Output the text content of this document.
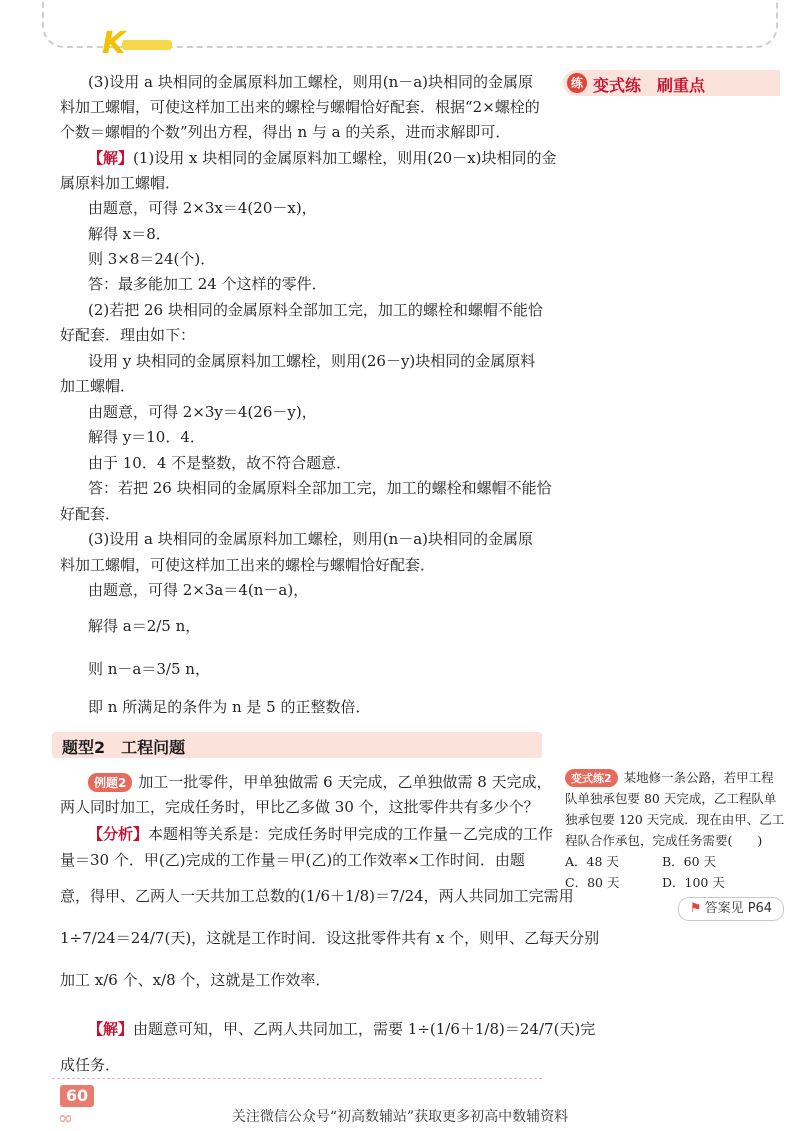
K
(3)设用 a 块相同的金属原料加工螺栓，则用(n－a)块相同的金属原
料加工螺帽，可使这样加工出来的螺栓与螺帽恰好配套．根据“2×螺栓的
个数＝螺帽的个数”列出方程，得出 n 与 a 的关系，进而求解即可．
【解】(1)设用 x 块相同的金属原料加工螺栓，则用(20－x)块相同的金
属原料加工螺帽．
由题意，可得 2×3x＝4(20－x)，
解得 x＝8．
则 3×8＝24(个)．
答：最多能加工 24 个这样的零件．
(2)若把 26 块相同的金属原料全部加工完，加工的螺栓和螺帽不能恰
好配套．理由如下：
设用 y 块相同的金属原料加工螺栓，则用(26－y)块相同的金属原料
加工螺帽．
由题意，可得 2×3y＝4(26－y)，
解得 y＝10．4．
由于 10．4 不是整数，故不符合题意．
答：若把 26 块相同的金属原料全部加工完，加工的螺栓和螺帽不能恰
好配套．
(3)设用 a 块相同的金属原料加工螺栓，则用(n－a)块相同的金属原
料加工螺帽，可使这样加工出来的螺栓与螺帽恰好配套．
由题意，可得 2×3a＝4(n－a)，
解得 a＝2/5 n，
则 n－a＝3/5 n，
即 n 所满足的条件为 n 是 5 的正整数倍．
题型2　工程问题
例题2 加工一批零件，甲单独做需 6 天完成，乙单独做需 8 天完成，
两人同时加工，完成任务时，甲比乙多做 30 个，这批零件共有多少个？
【分析】本题相等关系是：完成任务时甲完成的工作量－乙完成的工作
量＝30 个．甲(乙)完成的工作量＝甲(乙)的工作效率×工作时间．由题
意，得甲、乙两人一天共加工总数的(1/6＋1/8)＝7/24，两人共同加工完需用
1÷7/24＝24/7(天)，这就是工作时间．设这批零件共有 x 个，则甲、乙每天分别
加工 x/6 个、x/8 个，这就是工作效率．
【解】由题意可知，甲、乙两人共同加工，需要 1÷(1/6＋1/8)＝24/7(天)完
成任务．
练 变式练　刷重点
变式练2 某地修一条公路，若甲工程
队单独承包要 80 天完成，乙工程队单
独承包要 120 天完成．现在由甲、乙工
程队合作承包，完成任务需要(　　)
A．48 天	B．60 天
C．80 天	D．100 天
⚑ 答案见 P64
60
∞	关注微信公众号“初高数辅站”获取更多初高中数辅资料
